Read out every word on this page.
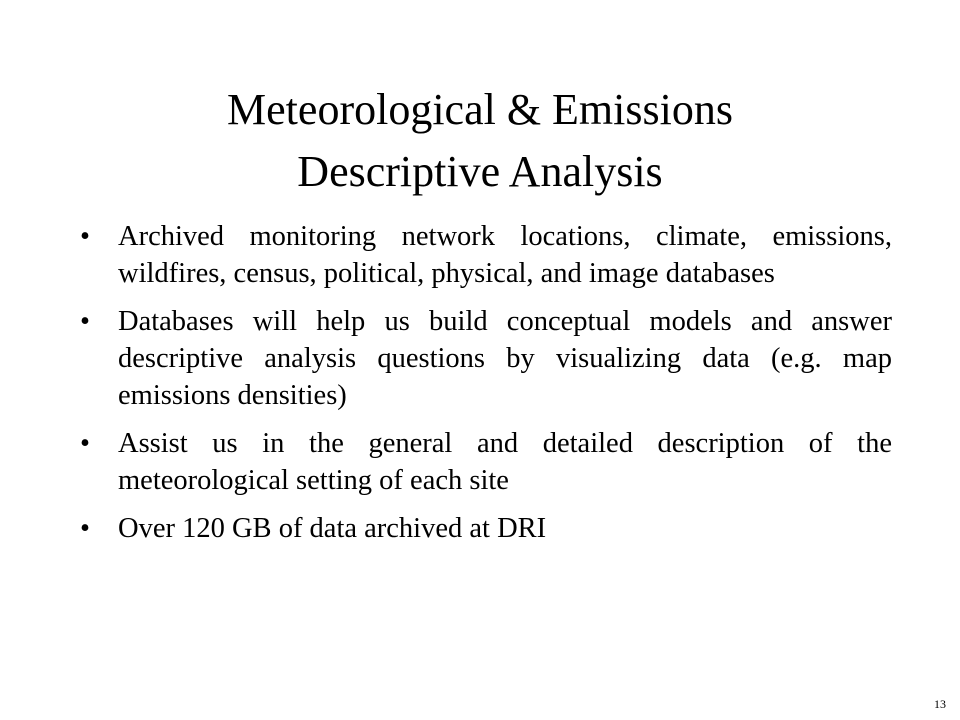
Meteorological & Emissions
Descriptive Analysis
• Archived monitoring network locations, climate, emissions, wildfires, census, political, physical, and image databases
• Databases will help us build conceptual models and answer descriptive analysis questions by visualizing data (e.g. map emissions densities)
• Assist us in the general and detailed description of the meteorological setting of each site
• Over 120 GB of data archived at DRI
13
